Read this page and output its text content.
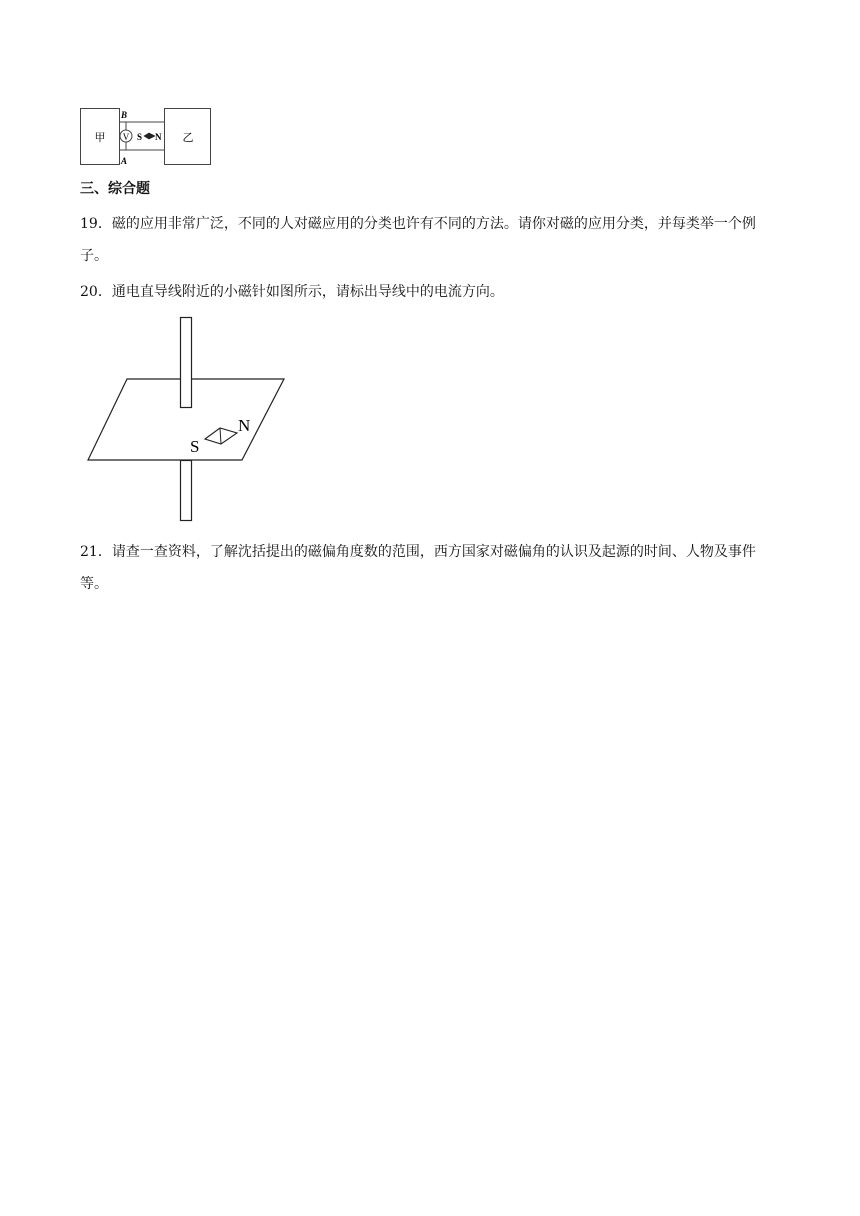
V
甲	乙
B
A
S N
三、综合题
19．磁的应用非常广泛，不同的人对磁应用的分类也许有不同的方法。请你对磁的应用分类，并每类举一个例子。
20．通电直导线附近的小磁针如图所示，请标出导线中的电流方向。
S
N
21．请查一查资料，了解沈括提出的磁偏角度数的范围，西方国家对磁偏角的认识及起源的时间、人物及事件等。
